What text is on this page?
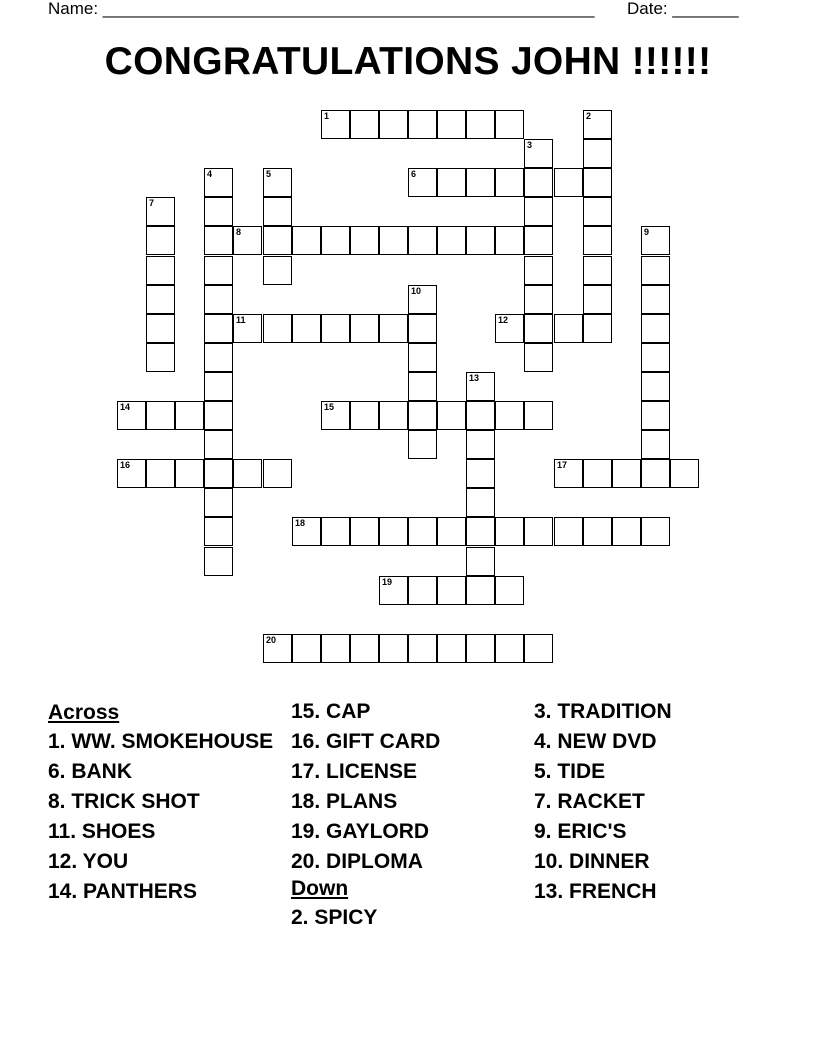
Name: ____________________________________________________ Date: _______
CONGRATULATIONS JOHN !!!!!!
1	2
3
4	5	6
7
8	9
10
11	12
13
14	15
16	17
18
19
20
Across
1. WW. SMOKEHOUSE
6. BANK
8. TRICK SHOT
11. SHOES
12. YOU
14. PANTHERS
15. CAP
16. GIFT CARD
17. LICENSE
18. PLANS
19. GAYLORD
20. DIPLOMA
Down
2. SPICY
3. TRADITION
4. NEW DVD
5. TIDE
7. RACKET
9. ERIC'S
10. DINNER
13. FRENCH
